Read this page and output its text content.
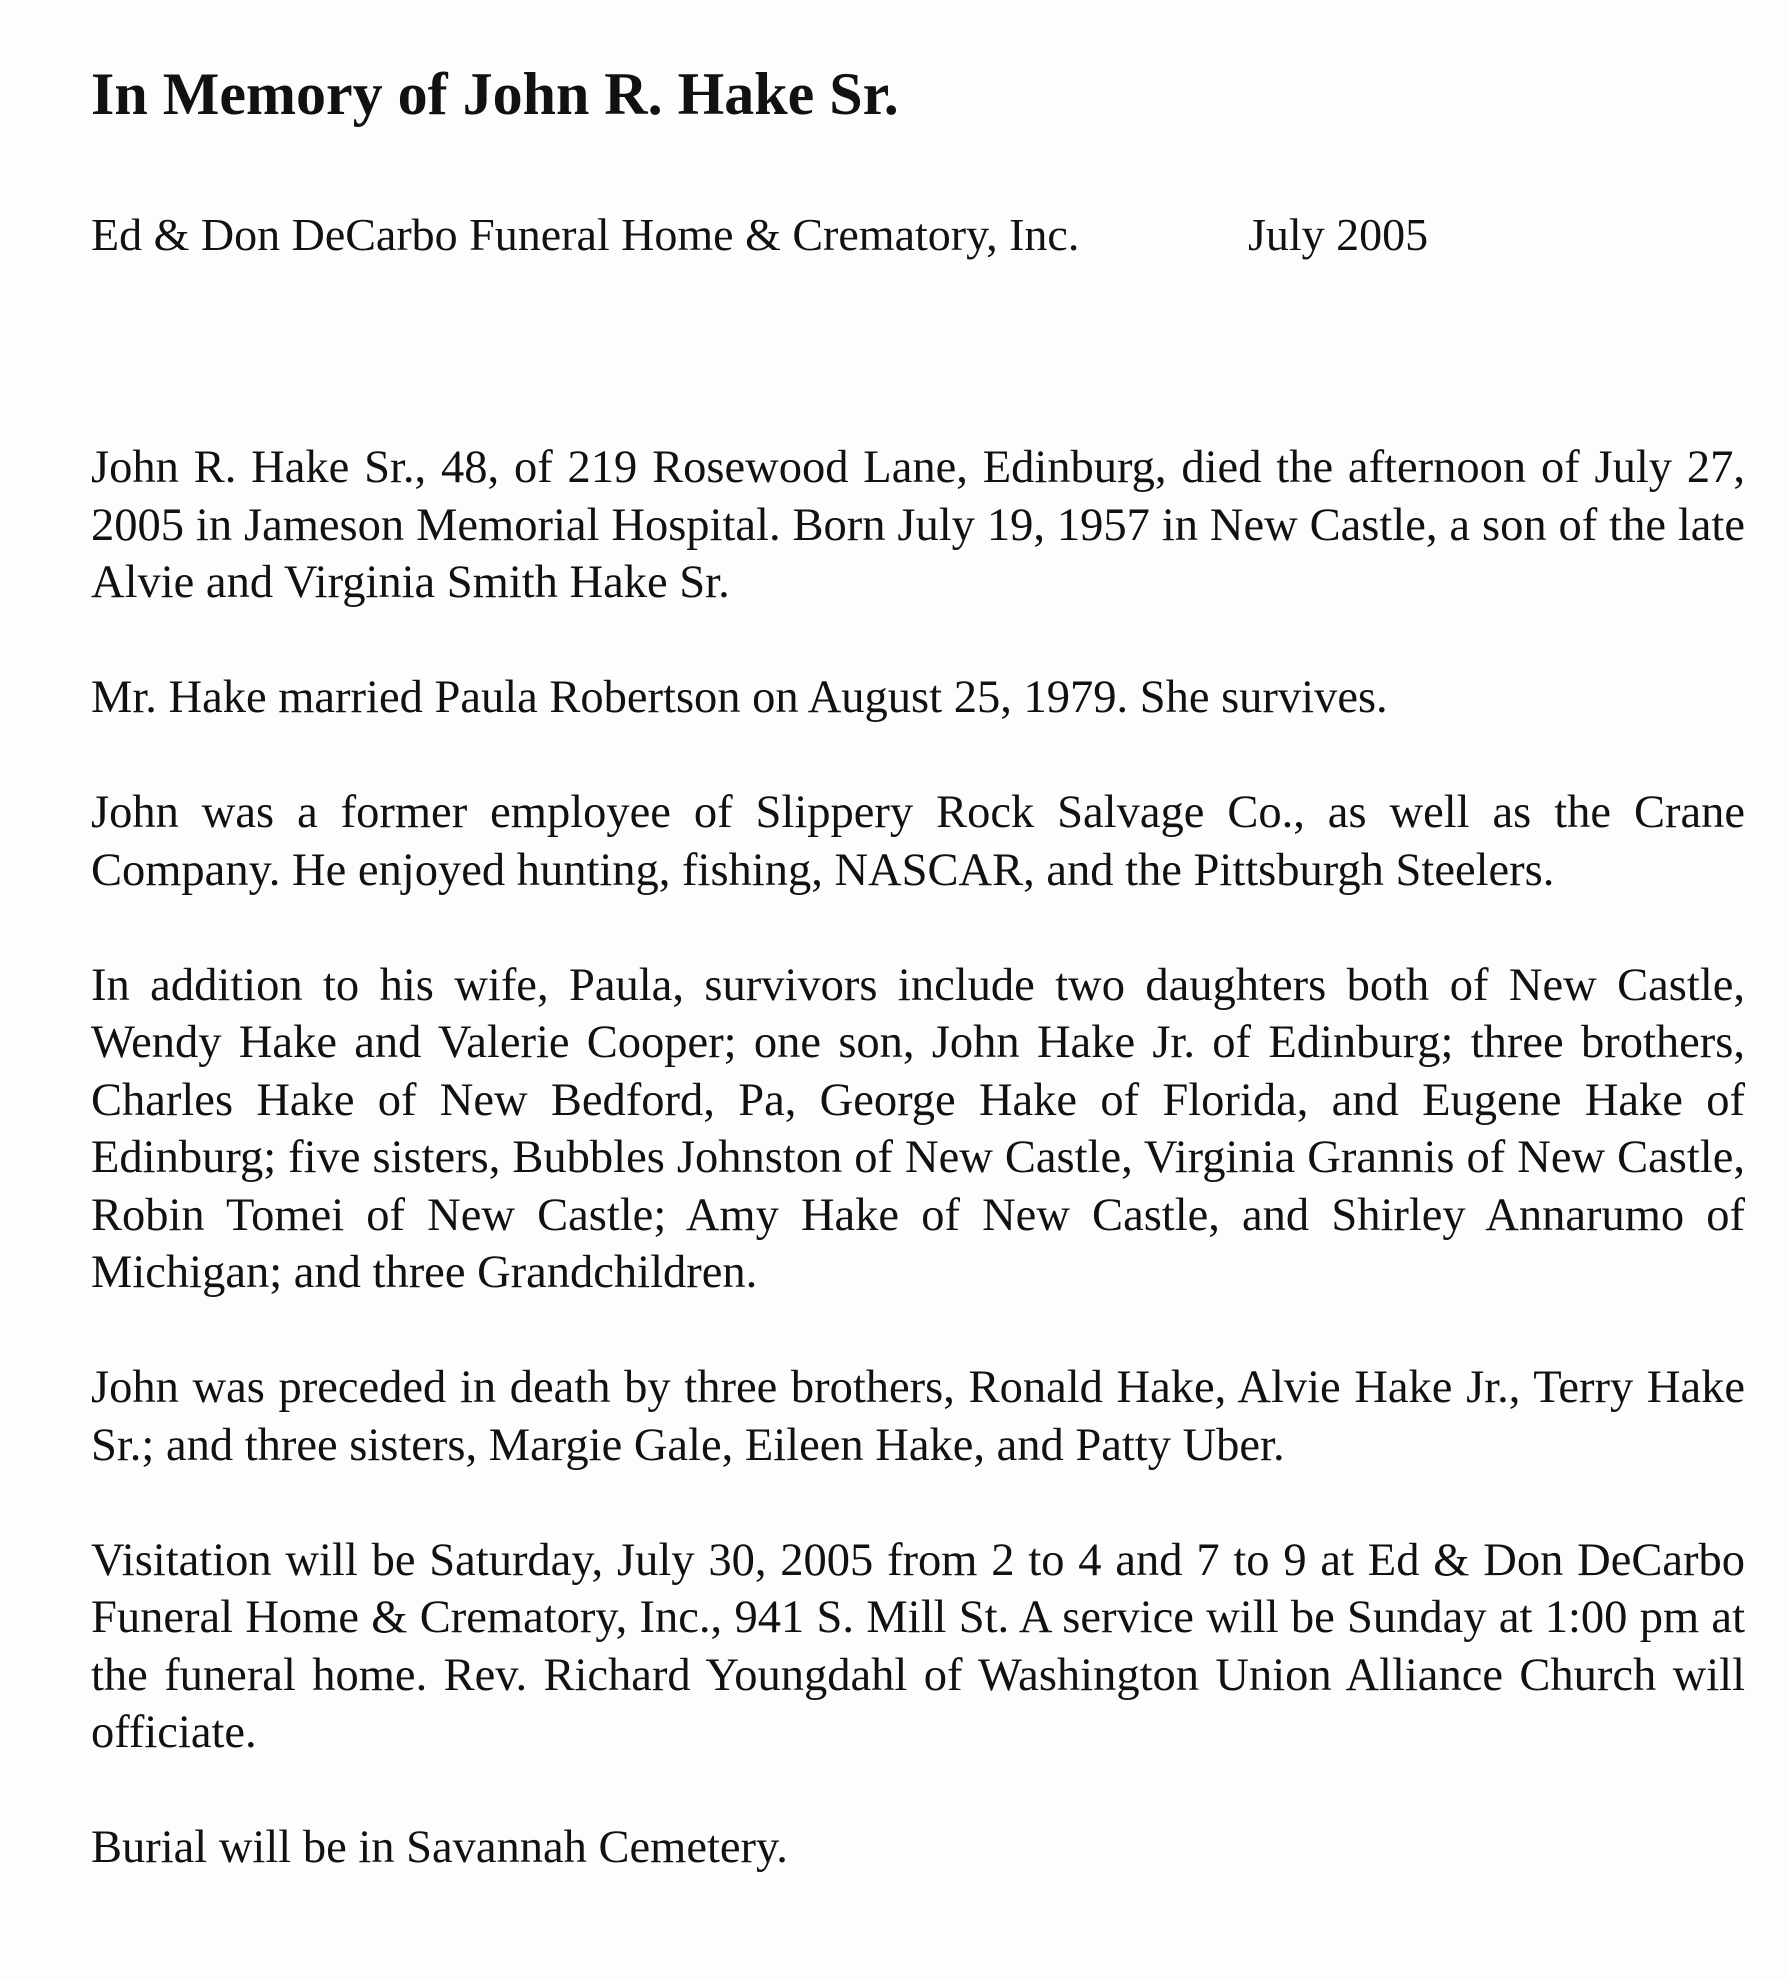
In Memory of John R. Hake Sr.
Ed & Don DeCarbo Funeral Home & Crematory, Inc.	July 2005

John R. Hake Sr., 48, of 219 Rosewood Lane, Edinburg, died the afternoon of July 27, 2005 in Jameson Memorial Hospital. Born July 19, 1957 in New Castle, a son of the late Alvie and Virginia Smith Hake Sr.

Mr. Hake married Paula Robertson on August 25, 1979. She survives.

John was a former employee of Slippery Rock Salvage Co., as well as the Crane Company. He enjoyed hunting, fishing, NASCAR, and the Pittsburgh Steelers.

In addition to his wife, Paula, survivors include two daughters both of New Castle, Wendy Hake and Valerie Cooper; one son, John Hake Jr. of Edinburg; three brothers, Charles Hake of New Bedford, Pa, George Hake of Florida, and Eugene Hake of Edinburg; five sisters, Bubbles Johnston of New Castle, Virginia Grannis of New Castle, Robin Tomei of New Castle; Amy Hake of New Castle, and Shirley Annarumo of Michigan; and three Grandchildren.

John was preceded in death by three brothers, Ronald Hake, Alvie Hake Jr., Terry Hake Sr.; and three sisters, Margie Gale, Eileen Hake, and Patty Uber.

Visitation will be Saturday, July 30, 2005 from 2 to 4 and 7 to 9 at Ed & Don DeCarbo Funeral Home & Crematory, Inc., 941 S. Mill St. A service will be Sunday at 1:00 pm at the funeral home. Rev. Richard Youngdahl of Washington Union Alliance Church will officiate.

Burial will be in Savannah Cemetery.
